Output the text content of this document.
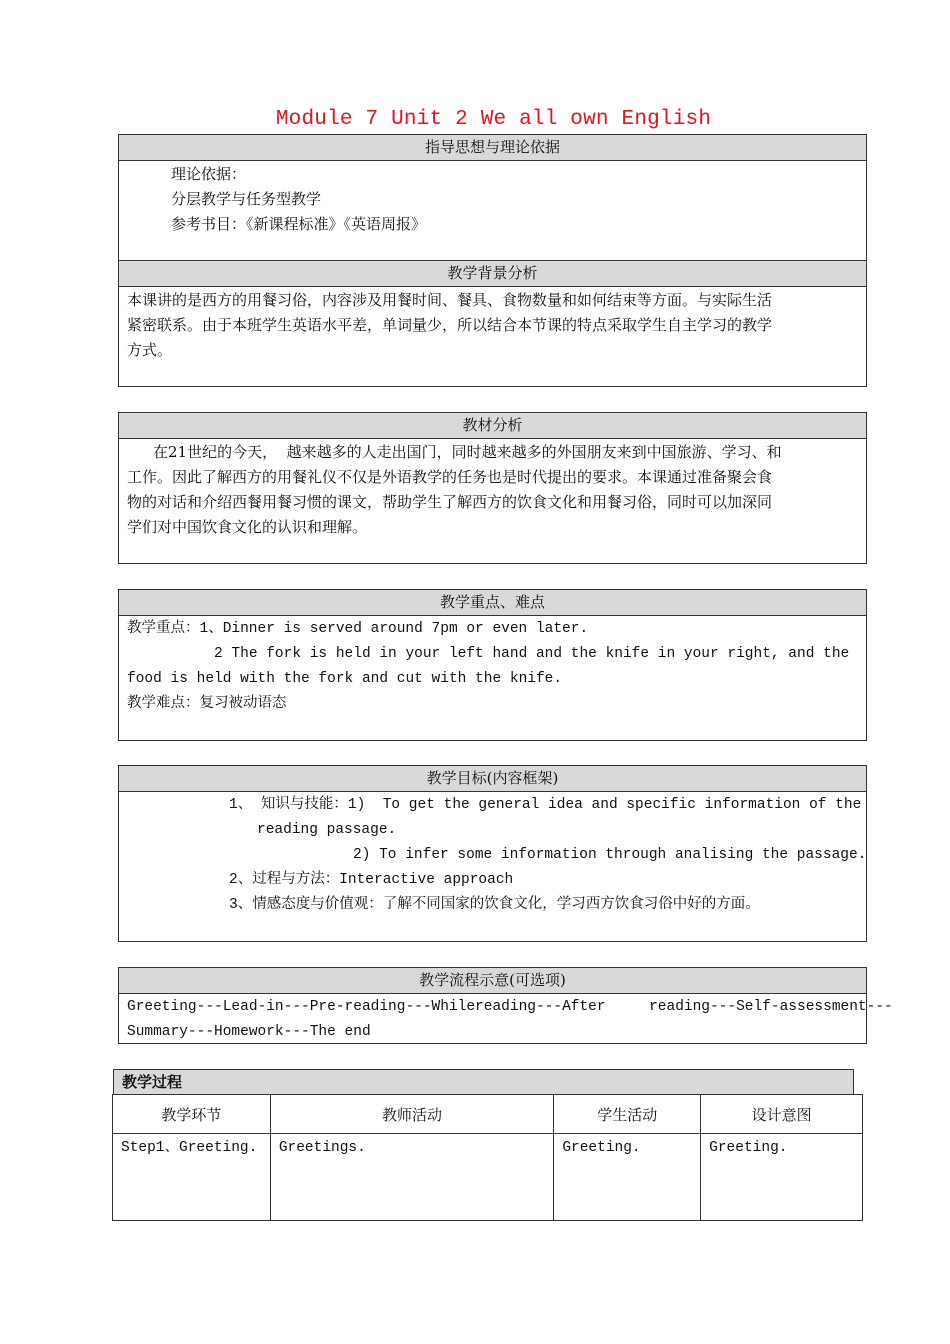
Module 7 Unit 2 We all own English
指导思想与理论依据
理论依据：
分层教学与任务型教学
参考书目：《新课程标准》《英语周报》
教学背景分析
本课讲的是西方的用餐习俗，内容涉及用餐时间、餐具、食物数量和如何结束等方面。与实际生活
紧密联系。由于本班学生英语水平差，单词量少，所以结合本节课的特点采取学生自主学习的教学
方式。
教材分析
在21世纪的今天，  越来越多的人走出国门，同时越来越多的外国朋友来到中国旅游、学习、和
工作。因此了解西方的用餐礼仪不仅是外语教学的任务也是时代提出的要求。本课通过准备聚会食
物的对话和介绍西餐用餐习惯的课文，帮助学生了解西方的饮食文化和用餐习俗，同时可以加深同
学们对中国饮食文化的认识和理解。
教学重点、难点
教学重点：1、Dinner is served around 7pm or even later.
2 The fork is held in your left hand and the knife in your right, and the
food is held with the fork and cut with the knife.
教学难点：复习被动语态
教学目标(内容框架)
1、 知识与技能：1)  To get the general idea and specific information of the
reading passage.
2) To infer some information through analising the passage.
2、过程与方法：Interactive approach
3、情感态度与价值观：了解不同国家的饮食文化，学习西方饮食习俗中好的方面。
教学流程示意(可选项)
Greeting---Lead-in---Pre-reading---Whilereading---After     reading---Self-assessment---
Summary---Homework---The end
教学过程
教学环节	教师活动	学生活动	设计意图
Step1、Greeting.	Greetings.	Greeting.	Greeting.
